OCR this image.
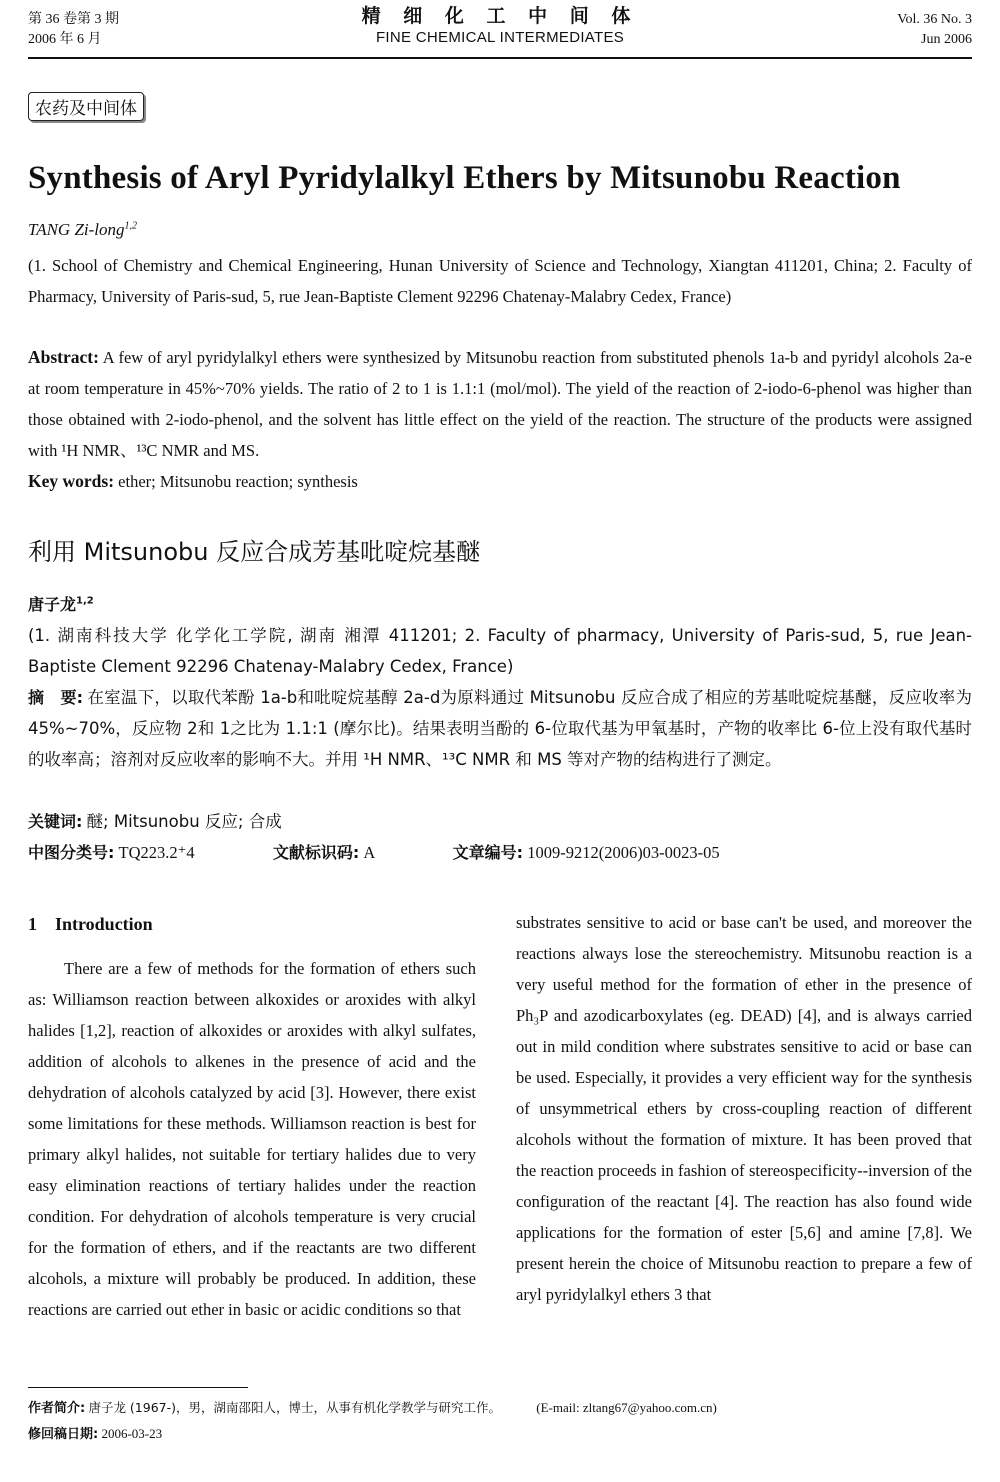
第 36 卷第 3 期
2006 年 6 月
精 细 化 工 中 间 体
FINE CHEMICAL INTERMEDIATES
Vol. 36 No. 3
Jun 2006
农药及中间体
Synthesis of Aryl Pyridylalkyl Ethers by Mitsunobu Reaction
TANG Zi-long$^{1,2}$
(1. School of Chemistry and Chemical Engineering, Hunan University of Science and Technology, Xiangtan 411201, China; 2. Faculty of Pharmacy, University of Paris-sud, 5, rue Jean-Baptiste Clement 92296 Chatenay-Malabry Cedex, France)
Abstract: A few of aryl pyridylalkyl ethers were synthesized by Mitsunobu reaction from substituted phenols 1a-b and pyridyl alcohols 2a-e at room temperature in 45%~70% yields. The ratio of 2 to 1 is 1.1:1 (mol/mol). The yield of the reaction of 2-iodo-6-phenol was higher than those obtained with 2-iodo-phenol, and the solvent has little effect on the yield of the reaction. The structure of the products were assigned with ¹H NMR、¹³C NMR and MS.
Key words: ether; Mitsunobu reaction; synthesis
利用 Mitsunobu 反应合成芳基吡啶烷基醚
唐子龙$^{1,2}$
(1. 湖南科技大学 化学化工学院, 湖南 湘潭 411201; 2. Faculty of pharmacy, University of Paris-sud, 5, rue Jean-Baptiste Clement 92296 Chatenay-Malabry Cedex, France)
摘　要: 在室温下，以取代苯酚 1a-b和吡啶烷基醇 2a-d为原料通过 Mitsunobu 反应合成了相应的芳基吡啶烷基醚，反应收率为 45%~70%，反应物 2和 1之比为 1.1:1 (摩尔比)。结果表明当酚的 6-位取代基为甲氧基时，产物的收率比 6-位上没有取代基时的收率高；溶剂对反应收率的影响不大。并用 ¹H NMR、¹³C NMR 和 MS 等对产物的结构进行了测定。
关键词: 醚; Mitsunobu 反应; 合成
中图分类号: TQ223.2⁺4	文献标识码: A	文章编号: 1009-9212(2006)03-0023-05
1　Introduction
There are a few of methods for the formation of ethers such as: Williamson reaction between alkoxides or aroxides with alkyl halides [1,2], reaction of alkoxides or aroxides with alkyl sulfates, addition of alcohols to alkenes in the presence of acid and the dehydration of alcohols catalyzed by acid [3]. However, there exist some limitations for these methods. Williamson reaction is best for primary alkyl halides, not suitable for tertiary halides due to very easy elimination reactions of tertiary halides under the reaction condition. For dehydration of alcohols temperature is very crucial for the formation of ethers, and if the reactants are two different alcohols, a mixture will probably be produced. In addition, these reactions are carried out ether in basic or acidic conditions so that
substrates sensitive to acid or base can't be used, and moreover the reactions always lose the stereochemistry. Mitsunobu reaction is a very useful method for the formation of ether in the presence of Ph₃P and azodicarboxylates (eg. DEAD) [4], and is always carried out in mild condition where substrates sensitive to acid or base can be used. Especially, it provides a very efficient way for the synthesis of unsymmetrical ethers by cross-coupling reaction of different alcohols without the formation of mixture. It has been proved that the reaction proceeds in fashion of stereospecificity--inversion of the configuration of the reactant [4]. The reaction has also found wide applications for the formation of ester [5,6] and amine [7,8]. We present herein the choice of Mitsunobu reaction to prepare a few of aryl pyridylalkyl ethers 3 that
作者简介: 唐子龙 (1967-)，男，湖南邵阳人，博士，从事有机化学教学与研究工作。	(E-mail: zltang67@yahoo.com.cn)
修回稿日期: 2006-03-23
